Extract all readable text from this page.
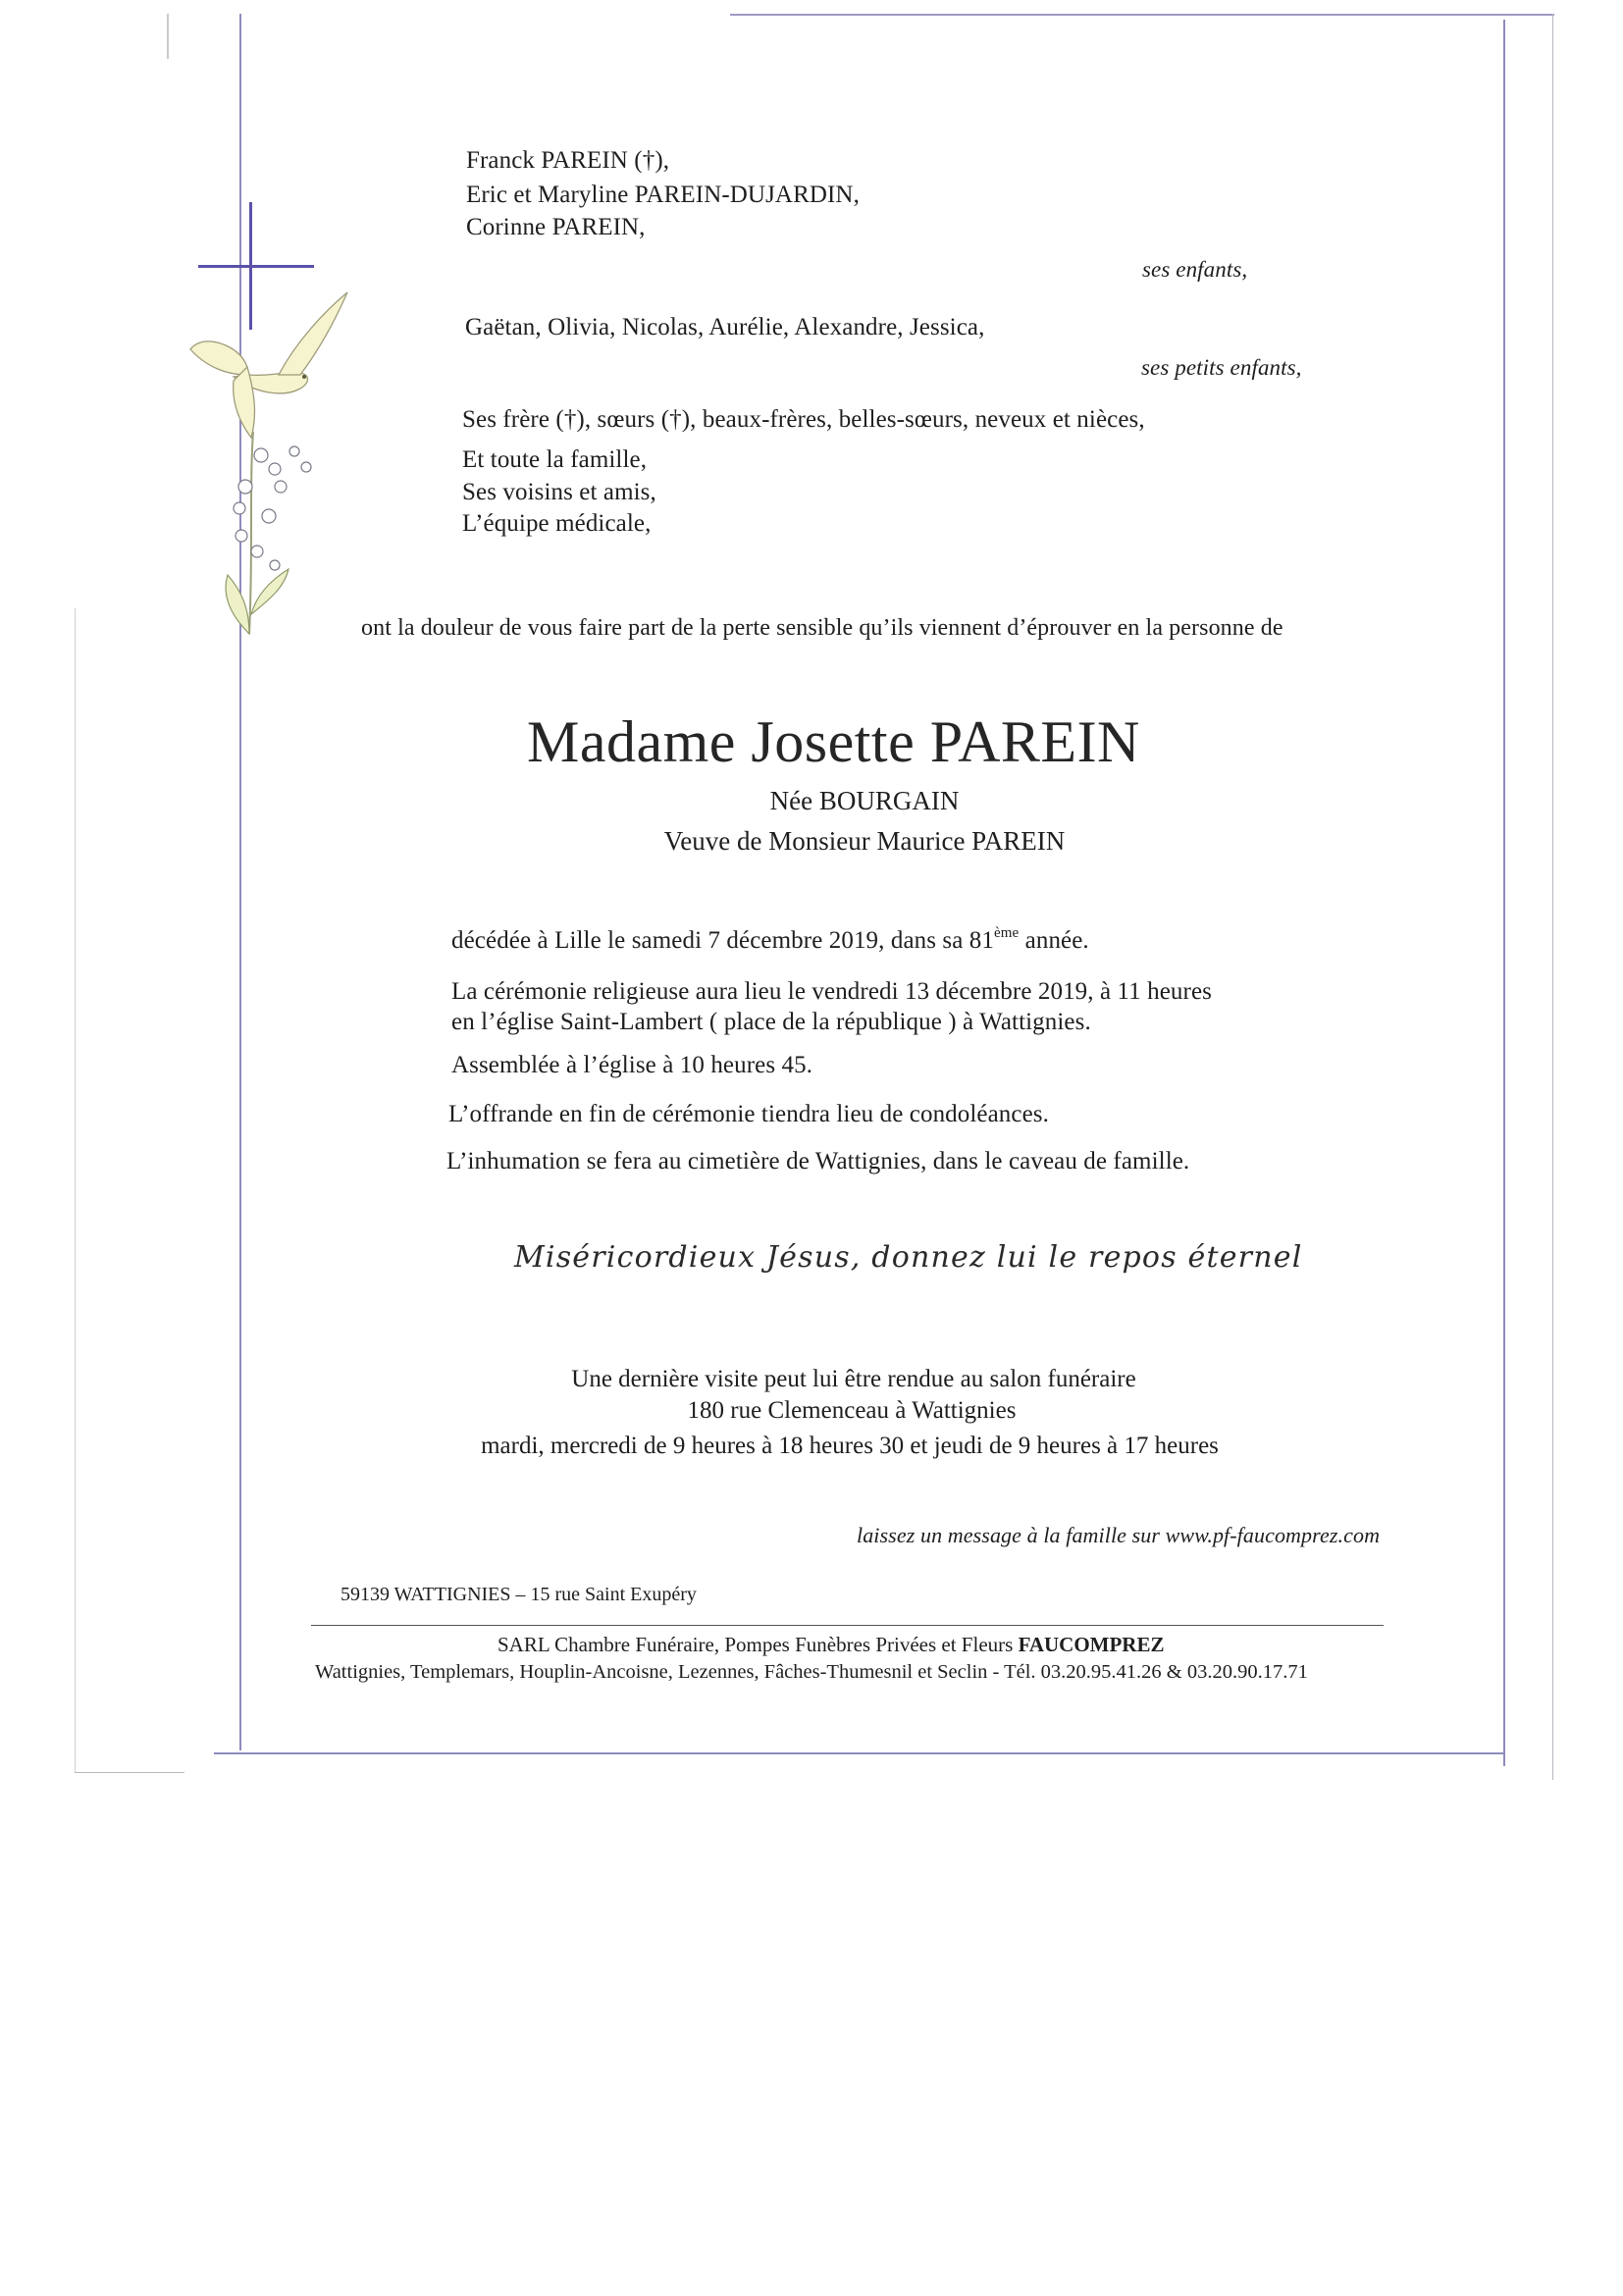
Franck PAREIN (†),
Eric et Maryline PAREIN-DUJARDIN,
Corinne PAREIN,
ses enfants,
Gaëtan, Olivia, Nicolas, Aurélie, Alexandre, Jessica,
ses petits enfants,
Ses frère (†), sœurs (†), beaux-frères, belles-sœurs, neveux et nièces,
Et toute la famille,
Ses voisins et amis,
L’équipe médicale,
ont la douleur de vous faire part de la perte sensible qu’ils viennent d’éprouver en la personne de
Madame Josette PAREIN
Née BOURGAIN
Veuve de Monsieur Maurice PAREIN
décédée à Lille le samedi 7 décembre 2019, dans sa 81ème année.
La cérémonie religieuse aura lieu le vendredi 13 décembre 2019, à 11 heures
en l’église Saint-Lambert ( place de la république ) à Wattignies.
Assemblée à l’église à 10 heures 45.
L’offrande en fin de cérémonie tiendra lieu de condoléances.
L’inhumation se fera au cimetière de Wattignies, dans le caveau de famille.
Miséricordieux Jésus, donnez lui le repos éternel
Une dernière visite peut lui être rendue au salon funéraire
180 rue Clemenceau à Wattignies
mardi, mercredi de 9 heures à 18 heures 30 et jeudi de 9 heures à 17 heures
laissez un message à la famille sur www.pf-faucomprez.com
59139 WATTIGNIES – 15 rue Saint Exupéry
SARL Chambre Funéraire, Pompes Funèbres Privées et Fleurs FAUCOMPREZ
Wattignies, Templemars, Houplin-Ancoisne, Lezennes, Fâches-Thumesnil et Seclin - Tél. 03.20.95.41.26 & 03.20.90.17.71
